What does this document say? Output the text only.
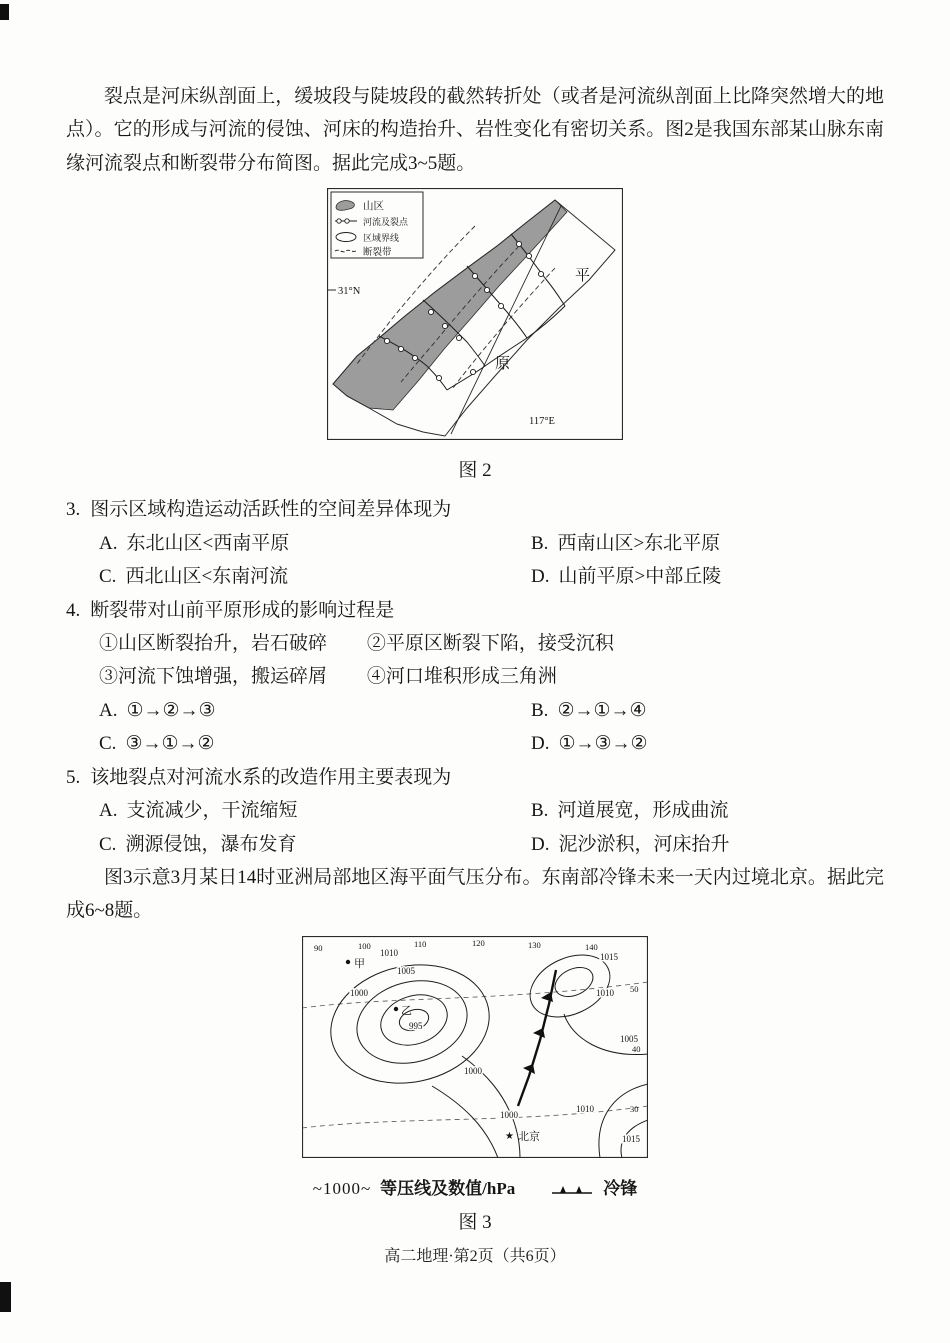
裂点是河床纵剖面上，缓坡段与陡坡段的截然转折处（或者是河流纵剖面上比降突然增大的地点）。它的形成与河流的侵蚀、河床的构造抬升、岩性变化有密切关系。图2是我国东部某山脉东南缘河流裂点和断裂带分布简图。据此完成3~5题。

31°N
平
原
117°E
山区
河流及裂点
区域界线
断裂带
图 2
3. 图示区域构造运动活跃性的空间差异体现为
A. 东北山区<西南平原	B. 西南山区>东北平原
C. 西北山区<东南河流	D. 山前平原>中部丘陵
4. 断裂带对山前平原形成的影响过程是
①山区断裂抬升，岩石破碎 ②平原区断裂下陷，接受沉积
③河流下蚀增强，搬运碎屑 ④河口堆积形成三角洲
A. ①→②→③	B. ②→①→④
C. ③→①→②	D. ①→③→②
5. 该地裂点对河流水系的改造作用主要表现为
A. 支流减少，干流缩短	B. 河道展宽，形成曲流
C. 溯源侵蚀，瀑布发育	D. 泥沙淤积，河床抬升

图3示意3月某日14时亚洲局部地区海平面气压分布。东南部冷锋未来一天内过境北京。据此完成6~8题。

90	100	110	120	130	140
50
40
30
1010
1005
1000
995
1015
1010
1005
1000
1000
1010
1015
甲
乙
★ 北京
~1000~ 等压线及数值/hPa	冷锋
图 3
高二地理·第2页（共6页）
